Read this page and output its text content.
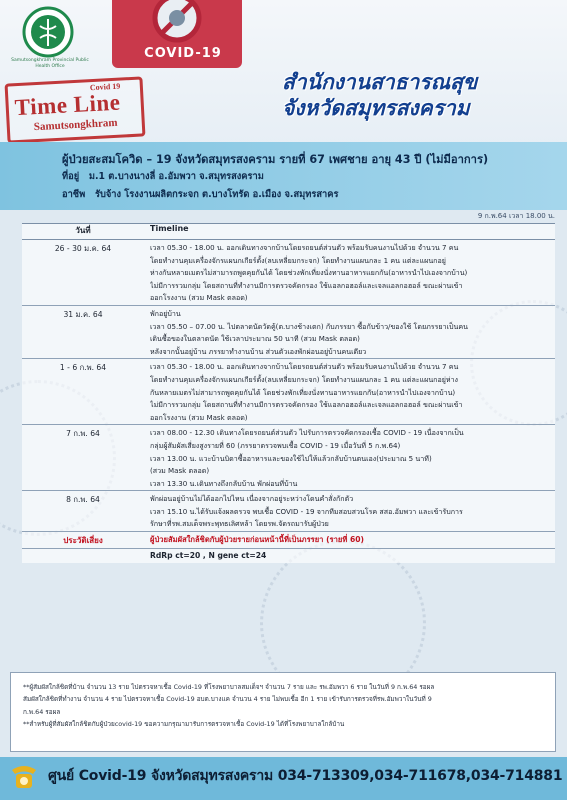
Samutsongkhram Provincial Public Health Office
COVID-19
Covid 19
Time Line
Samutsongkhram
สำนักงานสาธารณสุข
จังหวัดสมุทรสงคราม
ผู้ป่วยสะสมโควิด – 19 จังหวัดสมุทรสงคราม รายที่ 67 เพศชาย อายุ 43 ปี (ไม่มีอาการ)
ที่อยู่ ม.1 ต.บางนางลี่ อ.อัมพวา จ.สมุทรสงคราม
อาชีพ รับจ้าง โรงงานผลิตกระจก ต.บางโทรัด อ.เมือง จ.สมุทรสาคร
9 ก.พ.64 เวลา 18.00 น.
วันที่	Timeline
26 - 30 ม.ค. 64	เวลา 05.30 - 18.00 น. ออกเดินทางจากบ้านโดยรถยนต์ส่วนตัว พร้อมรับคนงานไปด้วย จำนวน 7 คน
โดยทำงานคุมเครื่องจักรแผนกเกียร์ตั้ง(ลบเหลี่ยมกระจก) โดยทำงานแผนกละ 1 คน แต่ละแผนกอยู่
ห่างกันหลายเมตรไม่สามารถพูดคุยกันได้ โดยช่วงพักเที่ยงนั่งทานอาหารแยกกัน(อาหารนำไปเองจากบ้าน)
ไม่มีการรวมกลุ่ม โดยสถานที่ทำงานมีการตรวจคัดกรอง ใช้แอลกอฮอล์และเจลแอลกอฮอล์ ขณะผ่านเข้า
ออกโรงงาน (สวม Mask ตลอด)
31 ม.ค. 64	พักอยู่บ้าน
เวลา 05.50 – 07.00 น. ไปตลาดนัดวัดคู้(ต.บางช้างเตก) กับภรรยา ซื้อกับข้าว/ของใช้ โดยภรรยาเป็นคน
เดินซื้อของในตลาดนัด ใช้เวลาประมาณ 50 นาที (สวม Mask ตลอด)
หลังจากนั้นอยู่บ้าน ภรรยาทำงานบ้าน ส่วนตัวเองพักผ่อนอยู่บ้านคนเดียว
1 - 6 ก.พ. 64	เวลา 05.30 - 18.00 น. ออกเดินทางจากบ้านโดยรถยนต์ส่วนตัว พร้อมรับคนงานไปด้วย จำนวน 7 คน
โดยทำงานคุมเครื่องจักรแผนกเกียร์ตั้ง(ลบเหลี่ยมกระจก) โดยทำงานแผนกละ 1 คน แต่ละแผนกอยู่ห่าง
กันหลายเมตรไม่สามารถพูดคุยกันได้ โดยช่วงพักเที่ยงนั่งทานอาหารแยกกัน(อาหารนำไปเองจากบ้าน)
ไม่มีการรวมกลุ่ม โดยสถานที่ทำงานมีการตรวจคัดกรอง ใช้แอลกอฮอล์และเจลแอลกอฮอล์ ขณะผ่านเข้า
ออกโรงงาน (สวม Mask ตลอด)
7 ก.พ. 64	เวลา 08.00 - 12.30 เดินทางโดยรถยนต์ส่วนตัว ไปรับการตรวจคัดกรองเชื้อ COVID - 19 เนื่องจากเป็น
กลุ่มผู้สัมผัสเสี่ยงสูงรายที่ 60 (ภรรยาตรวจพบเชื้อ COVID - 19 เมื่อวันที่ 5 ก.พ.64)
เวลา 13.00 น. แวะบ้านบิดาซื้ออาหารและของใช้ไปให้แล้วกลับบ้านตนเอง(ประมาณ 5 นาที)
(สวม Mask ตลอด)
เวลา 13.30 น.เดินทางถึงกลับบ้าน พักผ่อนที่บ้าน
8 ก.พ. 64	พักผ่อนอยู่บ้านไม่ได้ออกไปไหน เนื่องจากอยู่ระหว่างโดนคำสั่งกักตัว
เวลา 15.10 น.ได้รับแจ้งผลตรวจ พบเชื้อ COVID - 19 จากทีมสอบสวนโรค สสอ.อัมพวา และเข้ารับการ
รักษาที่รพ.สมเด็จพระพุทธเลิศหล้า โดยรพ.จัดรถมารับผู้ป่วย
ประวัติเสี่ยง	ผู้ป่วยสัมผัสใกล้ชิดกับผู้ป่วยรายก่อนหน้านี้ที่เป็นภรรยา (รายที่ 60)
RdRp ct=20 , N gene ct=24
**ผู้สัมผัสใกล้ชิดที่บ้าน จำนวน 13 ราย ไปตรวจหาเชื้อ Covid-19 ที่โรงพยาบาลสมเด็จฯ จำนวน 7 ราย และ รพ.อัมพวา 6 ราย ในวันที่ 9 ก.พ.64 รอผล
สัมผัสใกล้ชิดที่ทำงาน จำนวน 4 ราย ไปตรวจหาเชื้อ Covid-19 อบต.บางแค จำนวน 4 ราย ไม่พบเชื้อ อีก 1 ราย เข้ารับการตรวจที่รพ.อัมพวาในวันที่ 9
ก.พ.64 รอผล
**สำหรับผู้ที่สัมผัสใกล้ชิดกับผู้ป่วยcovid-19 ขอความกรุณามารับการตรวจหาเชื้อ Covid-19 ได้ที่โรงพยาบาลใกล้บ้าน
ศูนย์ Covid-19 จังหวัดสมุทรสงคราม 034-713309,034-711678,034-714881
